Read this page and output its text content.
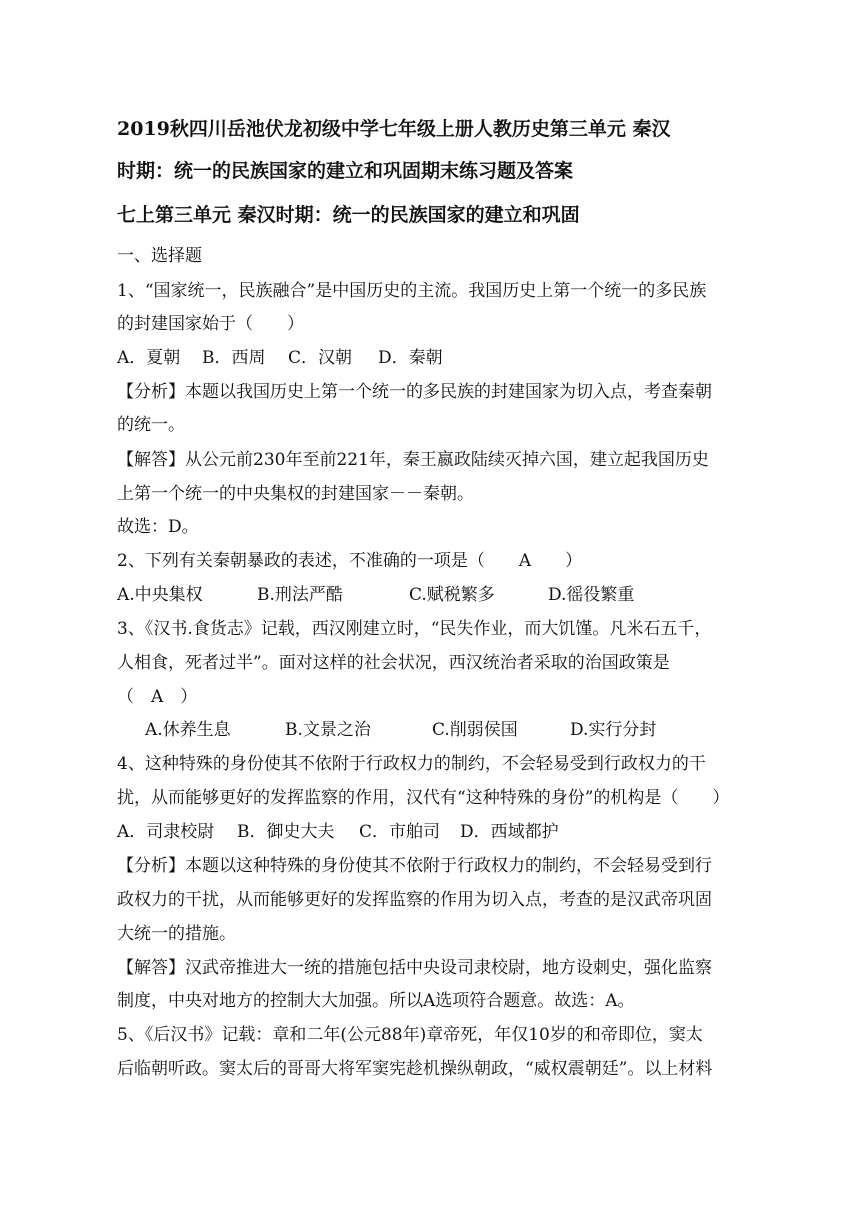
2019秋四川岳池伏龙初级中学七年级上册人教历史第三单元 秦汉
时期：统一的民族国家的建立和巩固期末练习题及答案
七上第三单元 秦汉时期：统一的民族国家的建立和巩固
一、选择题
1、“国家统一，民族融合”是中国历史的主流。我国历史上第一个统一的多民族
的封建国家始于（　　）
A．夏朝 B．西周 C．汉朝 D．秦朝
【分析】本题以我国历史上第一个统一的多民族的封建国家为切入点，考查秦朝
的统一。
【解答】从公元前230年至前221年，秦王嬴政陆续灭掉六国，建立起我国历史
上第一个统一的中央集权的封建国家－－秦朝。
故选：D。
2、下列有关秦朝暴政的表述，不准确的一项是（　　A　　）
A.中央集权	B.刑法严酷	C.赋税繁多	D.徭役繁重
3、《汉书.食货志》记载，西汉刚建立时，“民失作业，而大饥馑。凡米石五千，
人相食，死者过半”。面对这样的社会状况，西汉统治者采取的治国政策是
（　A　）
A.休养生息	B.文景之治	C.削弱侯国	D.实行分封
4、这种特殊的身份使其不依附于行政权力的制约，不会轻易受到行政权力的干
扰，从而能够更好的发挥监察的作用，汉代有“这种特殊的身份”的机构是（　　）
A．司隶校尉 B．御史大夫 C．市舶司 D．西域都护
【分析】本题以这种特殊的身份使其不依附于行政权力的制约，不会轻易受到行
政权力的干扰，从而能够更好的发挥监察的作用为切入点，考查的是汉武帝巩固
大统一的措施。
【解答】汉武帝推进大一统的措施包括中央设司隶校尉，地方设刺史，强化监察
制度，中央对地方的控制大大加强。所以A选项符合题意。故选：A。
5、《后汉书》记载：章和二年(公元88年)章帝死，年仅10岁的和帝即位，窦太
后临朝听政。窦太后的哥哥大将军窦宪趁机操纵朝政，“威权震朝廷”。以上材料
